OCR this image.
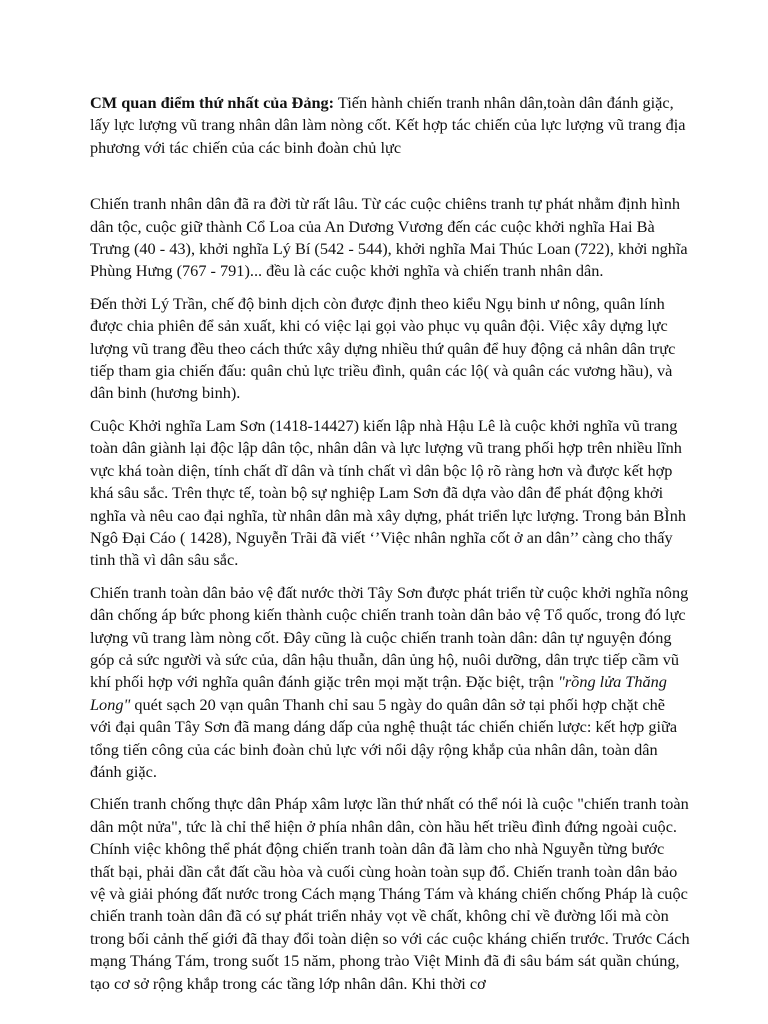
CM quan điểm thứ nhất của Đảng: Tiến hành chiến tranh nhân dân,toàn dân đánh giặc, lấy lực lượng vũ trang nhân dân làm nòng cốt. Kết hợp tác chiến của lực lượng vũ trang địa phương với tác chiến của các binh đoàn chủ lực

Chiến tranh nhân dân đã ra đời từ rất lâu. Từ các cuộc chiêns tranh tự phát nhằm định hình dân tộc, cuộc giữ thành Cổ Loa của An Dương Vương đến các cuộc khởi nghĩa Hai Bà Trưng (40 - 43), khởi nghĩa Lý Bí (542 - 544), khởi nghĩa Mai Thúc Loan (722), khởi nghĩa Phùng Hưng (767 - 791)... đều là các cuộc khởi nghĩa và chiến tranh nhân dân.

Đến thời Lý Trần, chế độ binh dịch còn được định theo kiểu Ngụ binh ư nông, quân lính được chia phiên để sản xuất, khi có việc lại gọi vào phục vụ quân đội. Việc xây dựng lực lượng vũ trang đều theo cách thức xây dựng nhiều thứ quân để huy động cả nhân dân trực tiếp tham gia chiến đấu: quân chủ lực triều đình, quân các lộ( và quân các vương hầu), và dân binh (hương binh).

Cuộc Khởi nghĩa Lam Sơn (1418-14427) kiến lập nhà Hậu Lê là cuộc khởi nghĩa vũ trang toàn dân giành lại độc lập dân tộc, nhân dân và lực lượng vũ trang phối hợp trên nhiều lĩnh vực khá toàn diện, tính chất dĩ dân và tính chất vì dân bộc lộ rõ ràng hơn và được kết hợp khá sâu sắc. Trên thực tế, toàn bộ sự nghiệp Lam Sơn đã dựa vào dân để phát động khởi nghĩa và nêu cao đại nghĩa, từ nhân dân mà xây dựng, phát triển lực lượng. Trong bản BÌnh Ngô Đại Cáo ( 1428), Nguyễn Trãi đã viết ‘’Việc nhân nghĩa cốt ở an dân’’ càng cho thấy tinh thầ vì dân sâu sắc.

Chiến tranh toàn dân bảo vệ đất nước thời Tây Sơn được phát triển từ cuộc khởi nghĩa nông dân chống áp bức phong kiến thành cuộc chiến tranh toàn dân bảo vệ Tổ quốc, trong đó lực lượng vũ trang làm nòng cốt. Đây cũng là cuộc chiến tranh toàn dân: dân tự nguyện đóng góp cả sức người và sức của, dân hậu thuẫn, dân ủng hộ, nuôi dưỡng, dân trực tiếp cầm vũ khí phối hợp với nghĩa quân đánh giặc trên mọi mặt trận. Đặc biệt, trận "rồng lửa Thăng Long" quét sạch 20 vạn quân Thanh chỉ sau 5 ngày do quân dân sở tại phối hợp chặt chẽ với đại quân Tây Sơn đã mang dáng dấp của nghệ thuật tác chiến chiến lược: kết hợp giữa tổng tiến công của các binh đoàn chủ lực với nổi dậy rộng khắp của nhân dân, toàn dân đánh giặc.

Chiến tranh chống thực dân Pháp xâm lược lần thứ nhất có thể nói là cuộc "chiến tranh toàn dân một nửa", tức là chỉ thể hiện ở phía nhân dân, còn hầu hết triều đình đứng ngoài cuộc. Chính việc không thể phát động chiến tranh toàn dân đã làm cho nhà Nguyễn từng bước thất bại, phải dần cắt đất cầu hòa và cuối cùng hoàn toàn sụp đổ. Chiến tranh toàn dân bảo vệ và giải phóng đất nước trong Cách mạng Tháng Tám và kháng chiến chống Pháp là cuộc chiến tranh toàn dân đã có sự phát triển nhảy vọt về chất, không chỉ về đường lối mà còn trong bối cảnh thế giới đã thay đổi toàn diện so với các cuộc kháng chiến trước. Trước Cách mạng Tháng Tám, trong suốt 15 năm, phong trào Việt Minh đã đi sâu bám sát quần chúng, tạo cơ sở rộng khắp trong các tầng lớp nhân dân. Khi thời cơ
